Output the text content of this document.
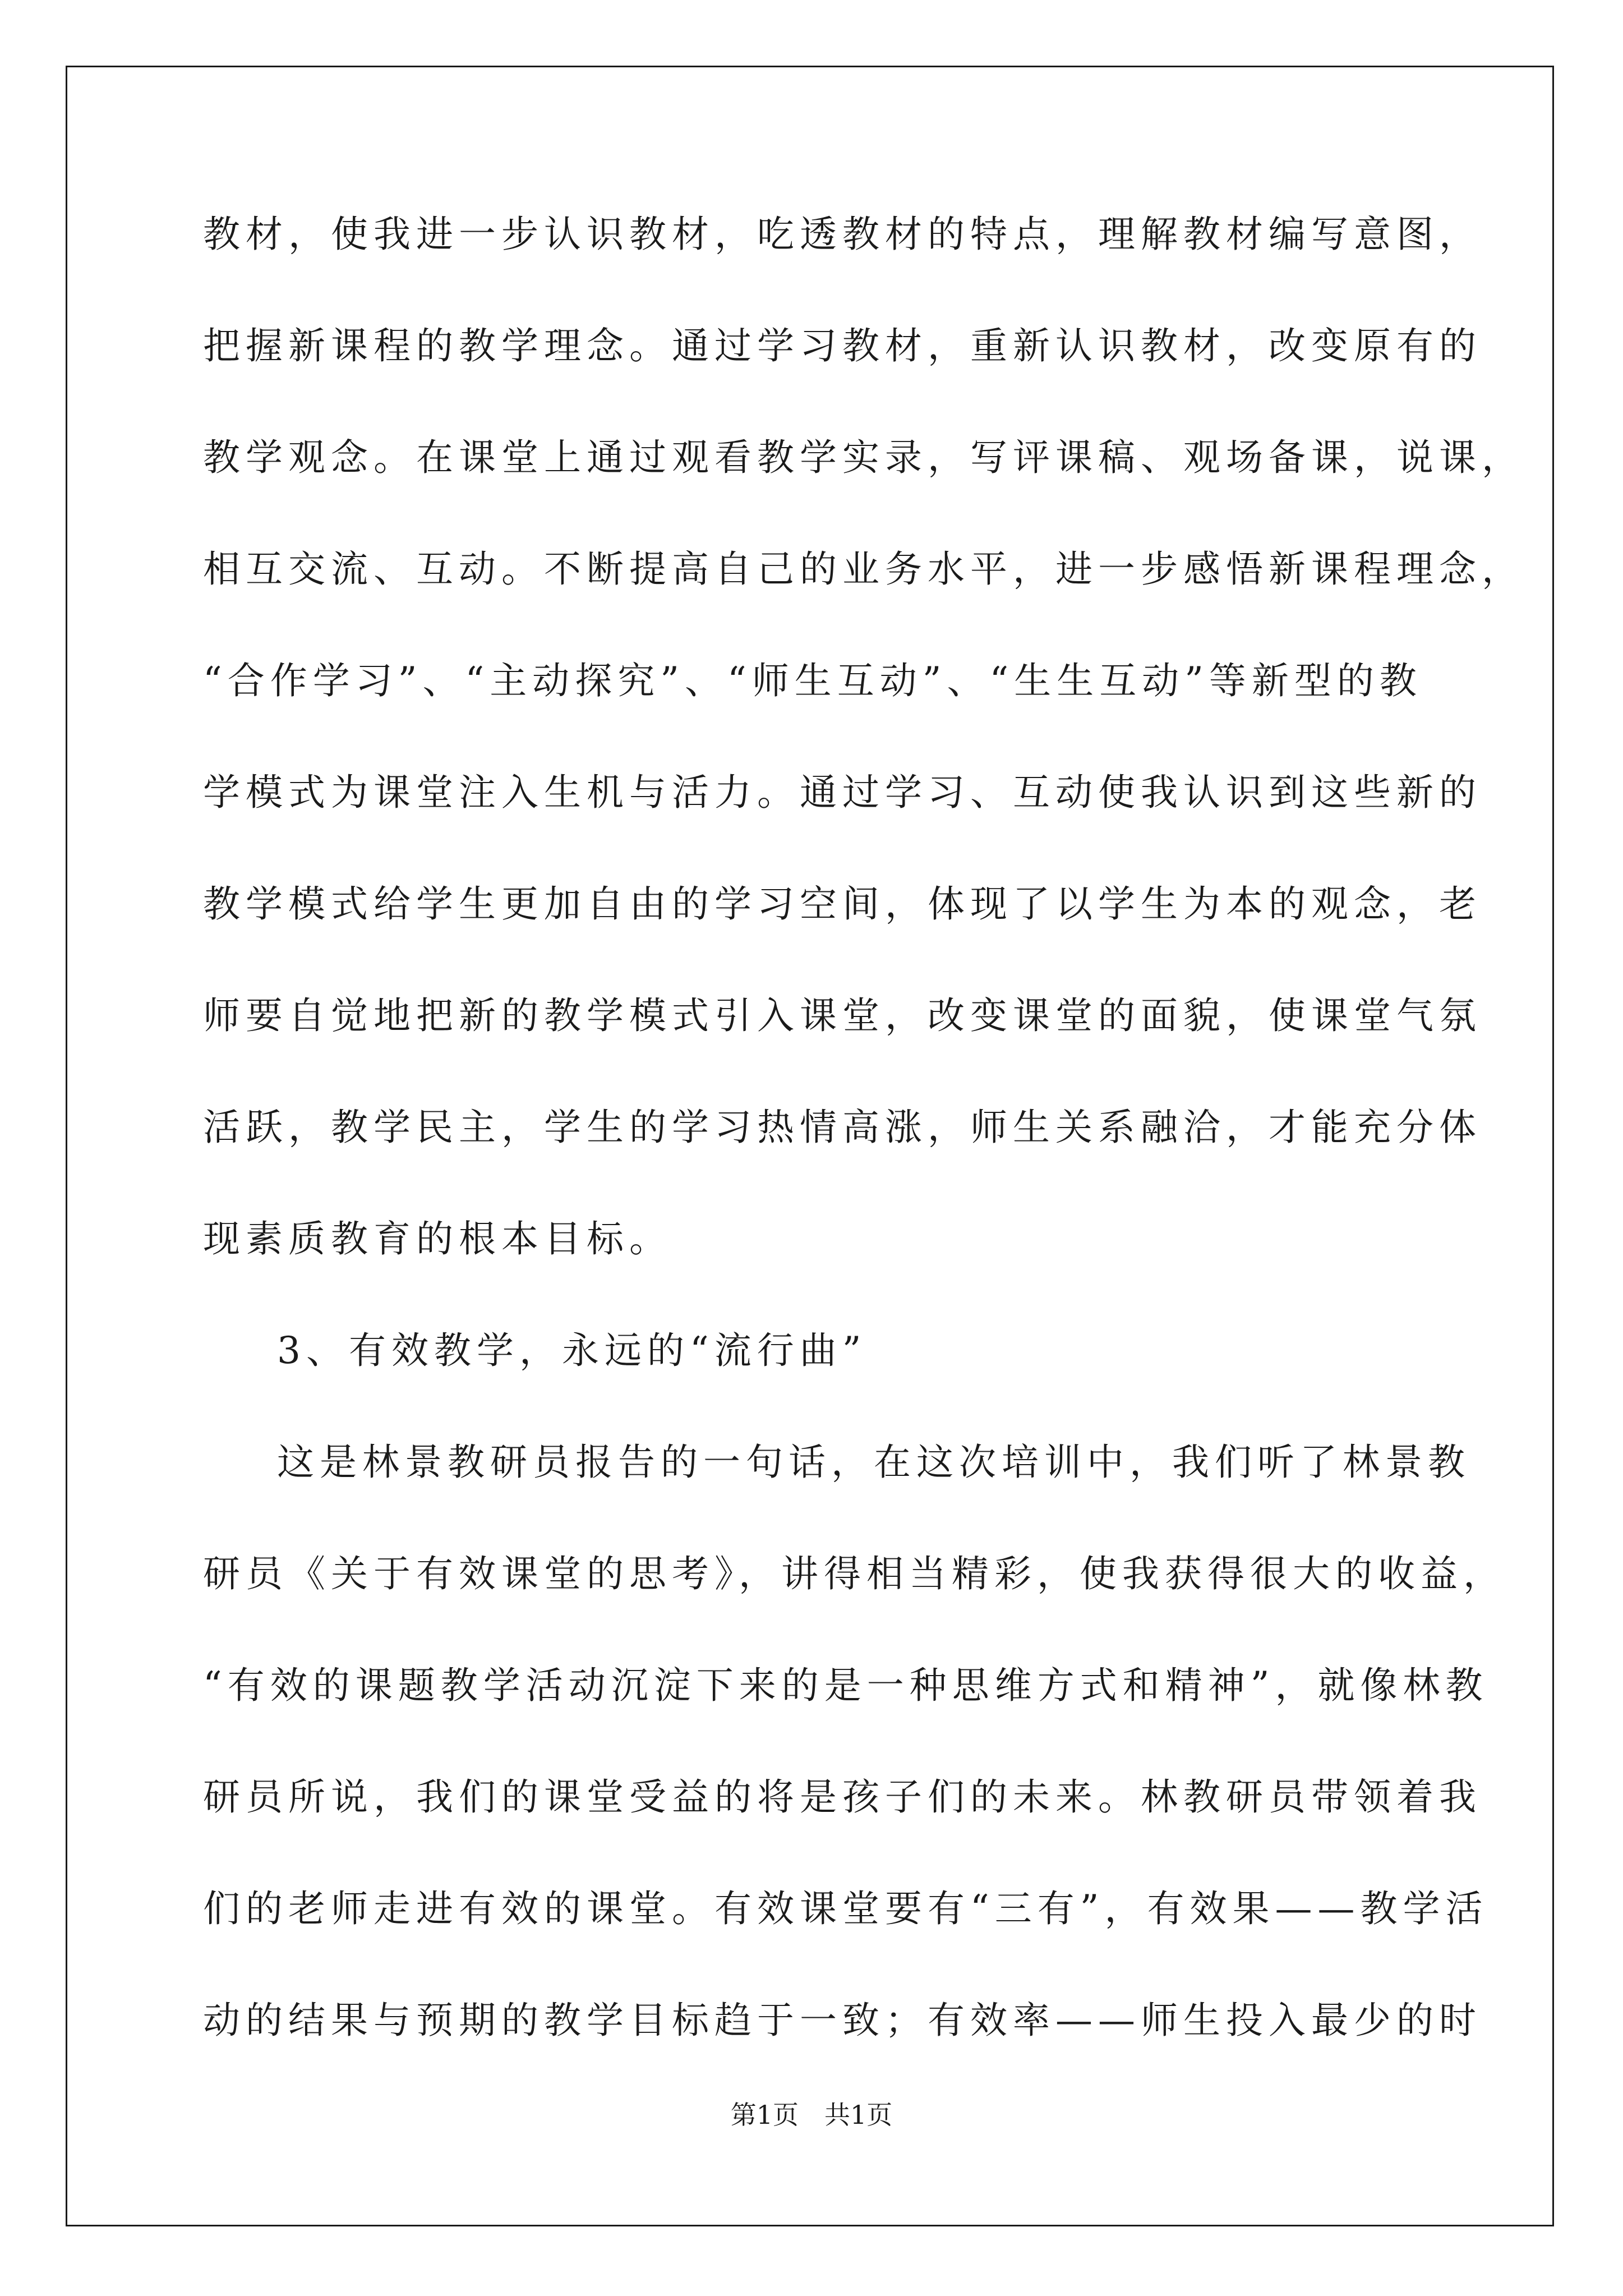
教材，使我进一步认识教材，吃透教材的特点，理解教材编写意图，
把握新课程的教学理念。通过学习教材，重新认识教材，改变原有的
教学观念。在课堂上通过观看教学实录，写评课稿、观场备课，说课，
相互交流、互动。不断提高自己的业务水平，进一步感悟新课程理念，
“合作学习”、“主动探究”、“师生互动”、“生生互动”等新型的教
学模式为课堂注入生机与活力。通过学习、互动使我认识到这些新的
教学模式给学生更加自由的学习空间，体现了以学生为本的观念，老
师要自觉地把新的教学模式引入课堂，改变课堂的面貌，使课堂气氛
活跃，教学民主，学生的学习热情高涨，师生关系融洽，才能充分体
现素质教育的根本目标。
3、有效教学，永远的“流行曲”
这是林景教研员报告的一句话，在这次培训中，我们听了林景教
研员《关于有效课堂的思考》，讲得相当精彩，使我获得很大的收益，
“有效的课题教学活动沉淀下来的是一种思维方式和精神”，就像林教
研员所说，我们的课堂受益的将是孩子们的未来。林教研员带领着我
们的老师走进有效的课堂。有效课堂要有“三有”，有效果——教学活
动的结果与预期的教学目标趋于一致；有效率——师生投入最少的时
第1页 共1页
